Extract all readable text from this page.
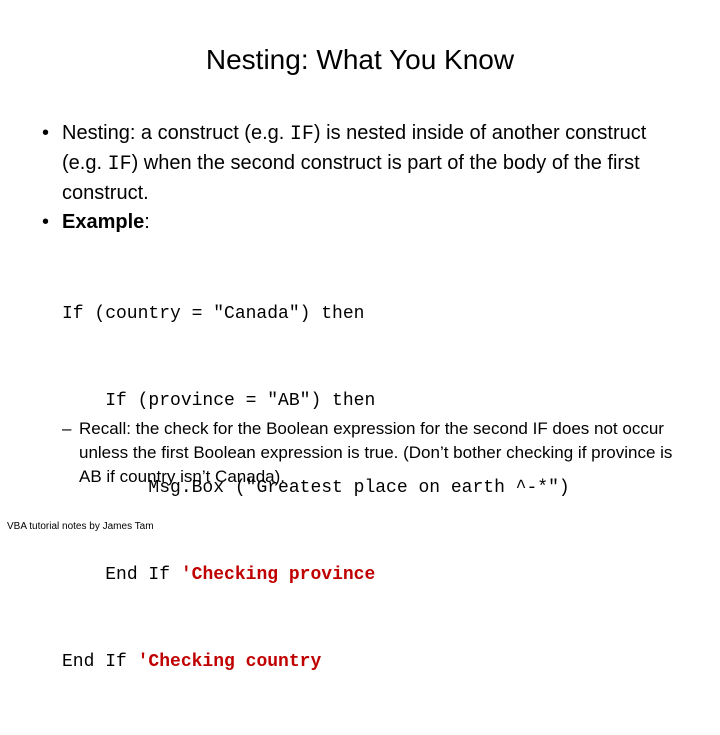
Nesting: What You Know
• Nesting: a construct (e.g. IF) is nested inside of another construct (e.g. IF) when the second construct is part of the body of the first construct.
• Example:

If (country = "Canada") then

If (province = "AB") then

Msg.Box ("Greatest place on earth ^-*")

End If 'Checking province

End If 'Checking country

– Recall: the check for the Boolean expression for the second IF does not occur unless the first Boolean expression is true. (Don’t bother checking if province is AB if country isn’t Canada).
VBA tutorial notes by James Tam
